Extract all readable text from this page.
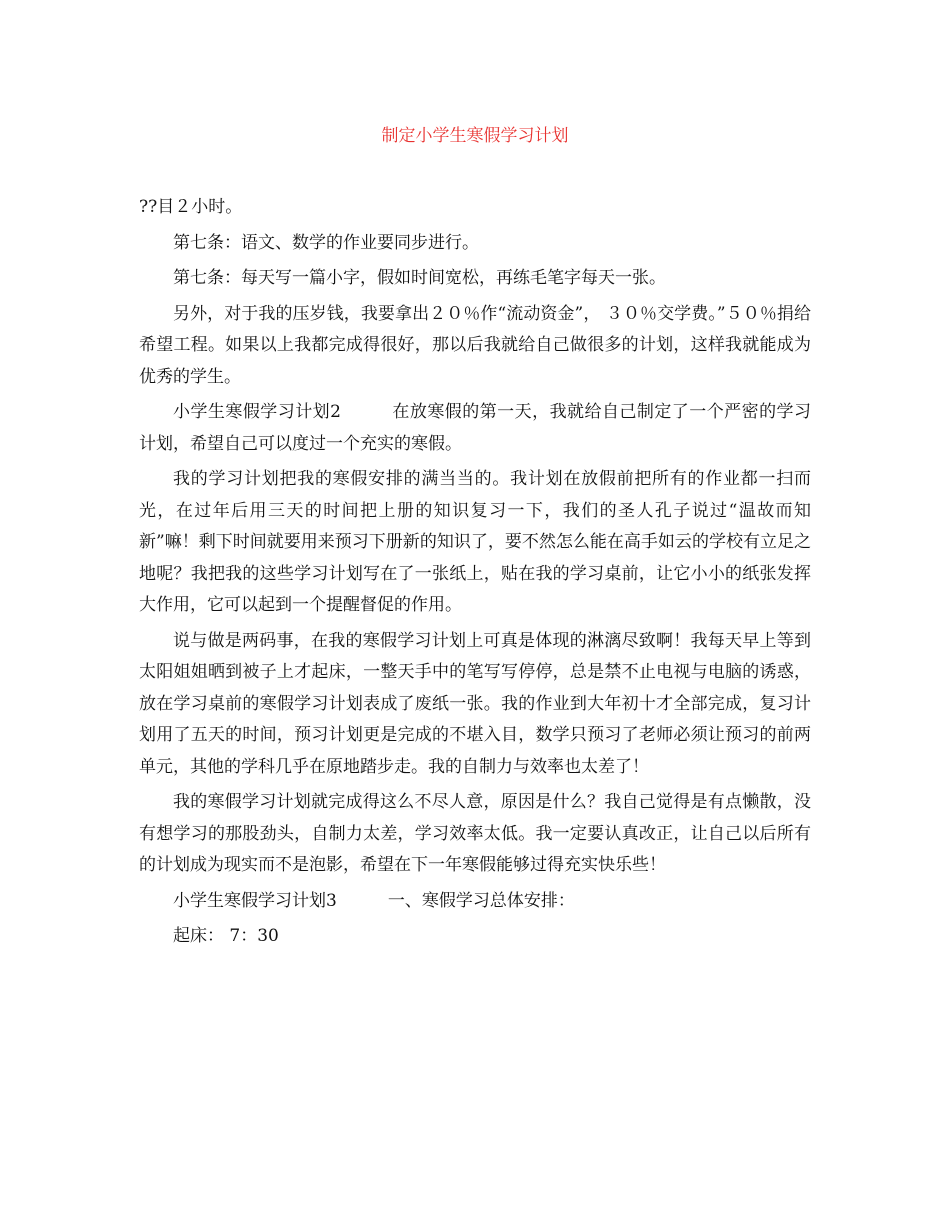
制定小学生寒假学习计划

??目２小时。

第七条：语文、数学的作业要同步进行。

第七条：每天写一篇小字，假如时间宽松，再练毛笔字每天一张。

另外，对于我的压岁钱，我要拿出２０％作“流动资金”， ３０％交学费。”５０％捐给希望工程。如果以上我都完成得很好，那以后我就给自己做很多的计划，这样我就能成为优秀的学生。

小学生寒假学习计划2	在放寒假的第一天，我就给自己制定了一个严密的学习计划，希望自己可以度过一个充实的寒假。

我的学习计划把我的寒假安排的满当当的。我计划在放假前把所有的作业都一扫而光，在过年后用三天的时间把上册的知识复习一下，我们的圣人孔子说过“温故而知新”嘛！剩下时间就要用来预习下册新的知识了，要不然怎么能在高手如云的学校有立足之地呢？我把我的这些学习计划写在了一张纸上，贴在我的学习桌前，让它小小的纸张发挥大作用，它可以起到一个提醒督促的作用。

说与做是两码事，在我的寒假学习计划上可真是体现的淋漓尽致啊！我每天早上等到太阳姐姐晒到被子上才起床，一整天手中的笔写写停停，总是禁不止电视与电脑的诱惑，放在学习桌前的寒假学习计划表成了废纸一张。我的作业到大年初十才全部完成，复习计划用了五天的时间，预习计划更是完成的不堪入目，数学只预习了老师必须让预习的前两单元，其他的学科几乎在原地踏步走。我的自制力与效率也太差了！

我的寒假学习计划就完成得这么不尽人意，原因是什么？我自己觉得是有点懒散，没有想学习的那股劲头，自制力太差，学习效率太低。我一定要认真改正，让自己以后所有的计划成为现实而不是泡影，希望在下一年寒假能够过得充实快乐些！

小学生寒假学习计划3	一、寒假学习总体安排：

起床： 7：30
